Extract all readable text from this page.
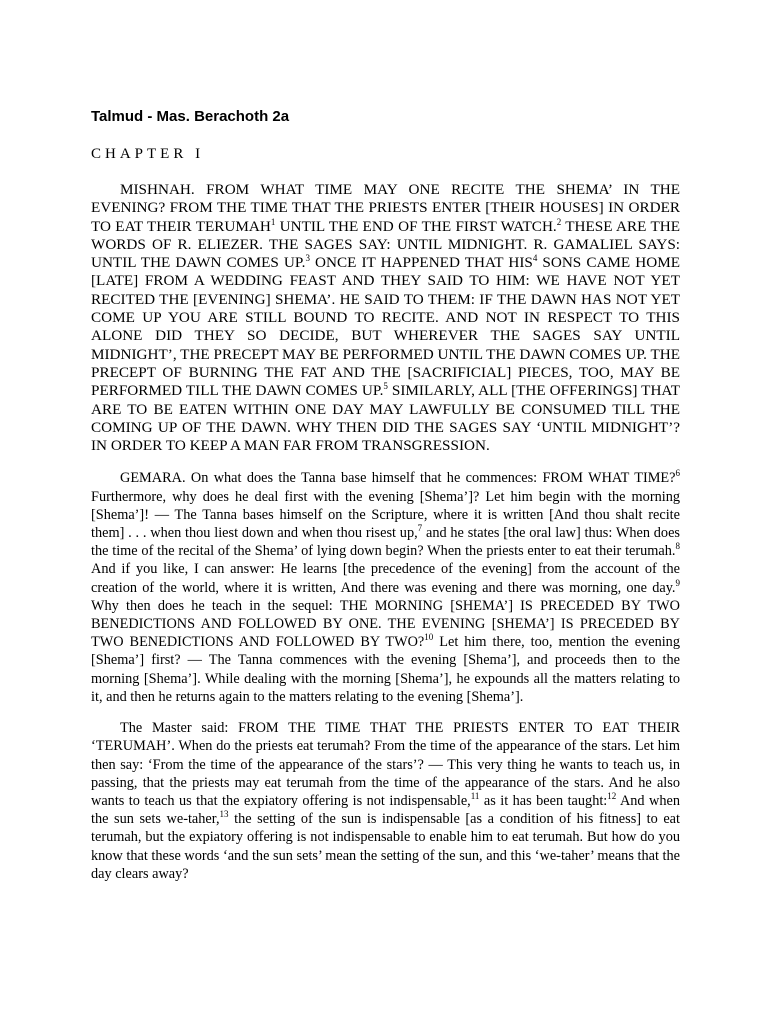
Talmud - Mas. Berachoth 2a
CHAPTER I

MISHNAH. FROM WHAT TIME MAY ONE RECITE THE SHEMA’ IN THE EVENING? FROM THE TIME THAT THE PRIESTS ENTER [THEIR HOUSES] IN ORDER TO EAT THEIR TERUMAH$^1$ UNTIL THE END OF THE FIRST WATCH.$^2$ THESE ARE THE WORDS OF R. ELIEZER. THE SAGES SAY: UNTIL MIDNIGHT. R. GAMALIEL SAYS: UNTIL THE DAWN COMES UP.$^3$ ONCE IT HAPPENED THAT HIS$^4$ SONS CAME HOME [LATE] FROM A WEDDING FEAST AND THEY SAID TO HIM: WE HAVE NOT YET RECITED THE [EVENING] SHEMA’. HE SAID TO THEM: IF THE DAWN HAS NOT YET COME UP YOU ARE STILL BOUND TO RECITE. AND NOT IN RESPECT TO THIS ALONE DID THEY SO DECIDE, BUT WHEREVER THE SAGES SAY UNTIL MIDNIGHT’, THE PRECEPT MAY BE PERFORMED UNTIL THE DAWN COMES UP. THE PRECEPT OF BURNING THE FAT AND THE [SACRIFICIAL] PIECES, TOO, MAY BE PERFORMED TILL THE DAWN COMES UP.$^5$ SIMILARLY, ALL [THE OFFERINGS] THAT ARE TO BE EATEN WITHIN ONE DAY MAY LAWFULLY BE CONSUMED TILL THE COMING UP OF THE DAWN. WHY THEN DID THE SAGES SAY ‘UNTIL MIDNIGHT’? IN ORDER TO KEEP A MAN FAR FROM TRANSGRESSION.

GEMARA. On what does the Tanna base himself that he commences: FROM WHAT TIME?$^6$ Furthermore, why does he deal first with the evening [Shema’]? Let him begin with the morning [Shema’]! — The Tanna bases himself on the Scripture, where it is written [And thou shalt recite them] . . . when thou liest down and when thou risest up,$^7$ and he states [the oral law] thus: When does the time of the recital of the Shema’ of lying down begin? When the priests enter to eat their terumah.$^8$ And if you like, I can answer: He learns [the precedence of the evening] from the account of the creation of the world, where it is written, And there was evening and there was morning, one day.$^9$ Why then does he teach in the sequel: THE MORNING [SHEMA’] IS PRECEDED BY TWO BENEDICTIONS AND FOLLOWED BY ONE. THE EVENING [SHEMA’] IS PRECEDED BY TWO BENEDICTIONS AND FOLLOWED BY TWO?$^{10}$ Let him there, too, mention the evening [Shema’] first? — The Tanna commences with the evening [Shema’], and proceeds then to the morning [Shema’]. While dealing with the morning [Shema’], he expounds all the matters relating to it, and then he returns again to the matters relating to the evening [Shema’].

The Master said: FROM THE TIME THAT THE PRIESTS ENTER TO EAT THEIR ‘TERUMAH’. When do the priests eat terumah? From the time of the appearance of the stars. Let him then say: ‘From the time of the appearance of the stars’? — This very thing he wants to teach us, in passing, that the priests may eat terumah from the time of the appearance of the stars. And he also wants to teach us that the expiatory offering is not indispensable,$^{11}$ as it has been taught:$^{12}$ And when the sun sets we-taher,$^{13}$ the setting of the sun is indispensable [as a condition of his fitness] to eat terumah, but the expiatory offering is not indispensable to enable him to eat terumah. But how do you know that these words ‘and the sun sets’ mean the setting of the sun, and this ‘we-taher’ means that the day clears away?
